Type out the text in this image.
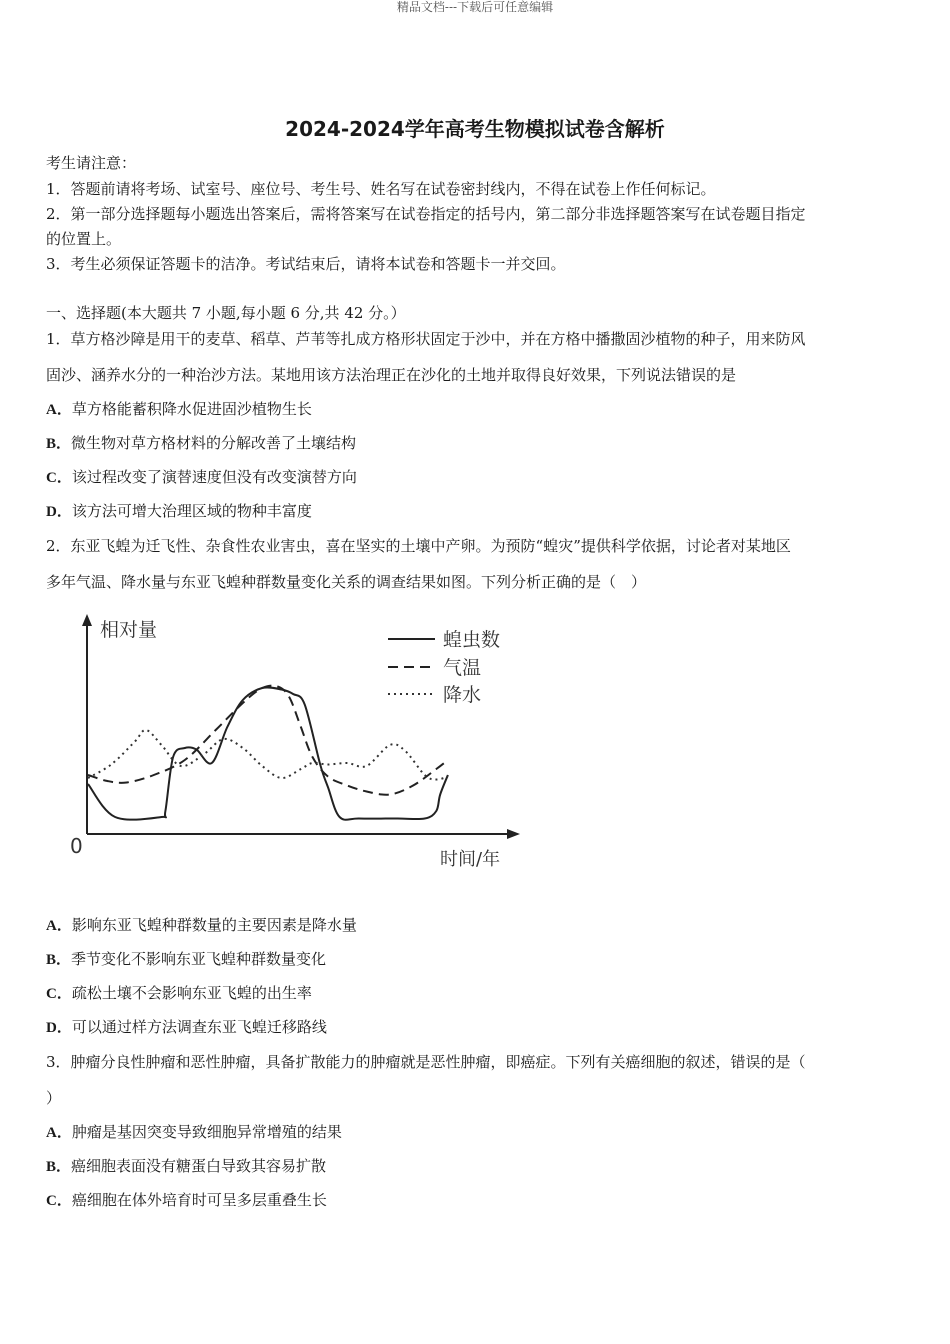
精品文档---下载后可任意编辑
2024-2024学年高考生物模拟试卷含解析
考生请注意：
1．答题前请将考场、试室号、座位号、考生号、姓名写在试卷密封线内，不得在试卷上作任何标记。
2．第一部分选择题每小题选出答案后，需将答案写在试卷指定的括号内，第二部分非选择题答案写在试卷题目指定
的位置上。
3．考生必须保证答题卡的洁净。考试结束后，请将本试卷和答题卡一并交回。
一、选择题(本大题共 7 小题,每小题 6 分,共 42 分。）
1．草方格沙障是用干的麦草、稻草、芦苇等扎成方格形状固定于沙中，并在方格中播撒固沙植物的种子，用来防风
固沙、涵养水分的一种治沙方法。某地用该方法治理正在沙化的土地并取得良好效果，下列说法错误的是
A．草方格能蓄积降水促进固沙植物生长
B．微生物对草方格材料的分解改善了土壤结构
C．该过程改变了演替速度但没有改变演替方向
D．该方法可增大治理区域的物种丰富度
2．东亚飞蝗为迁飞性、杂食性农业害虫，喜在坚实的土壤中产卵。为预防“蝗灾”提供科学依据，讨论者对某地区
多年气温、降水量与东亚飞蝗种群数量变化关系的调查结果如图。下列分析正确的是（　）
相对量
时间/年
0
蝗虫数
气温
降水
A．影响东亚飞蝗种群数量的主要因素是降水量
B．季节变化不影响东亚飞蝗种群数量变化
C．疏松土壤不会影响东亚飞蝗的出生率
D．可以通过样方法调查东亚飞蝗迁移路线
3．肿瘤分良性肿瘤和恶性肿瘤，具备扩散能力的肿瘤就是恶性肿瘤，即癌症。下列有关癌细胞的叙述，错误的是（
）
A．肿瘤是基因突变导致细胞异常增殖的结果
B．癌细胞表面没有糖蛋白导致其容易扩散
C．癌细胞在体外培育时可呈多层重叠生长
